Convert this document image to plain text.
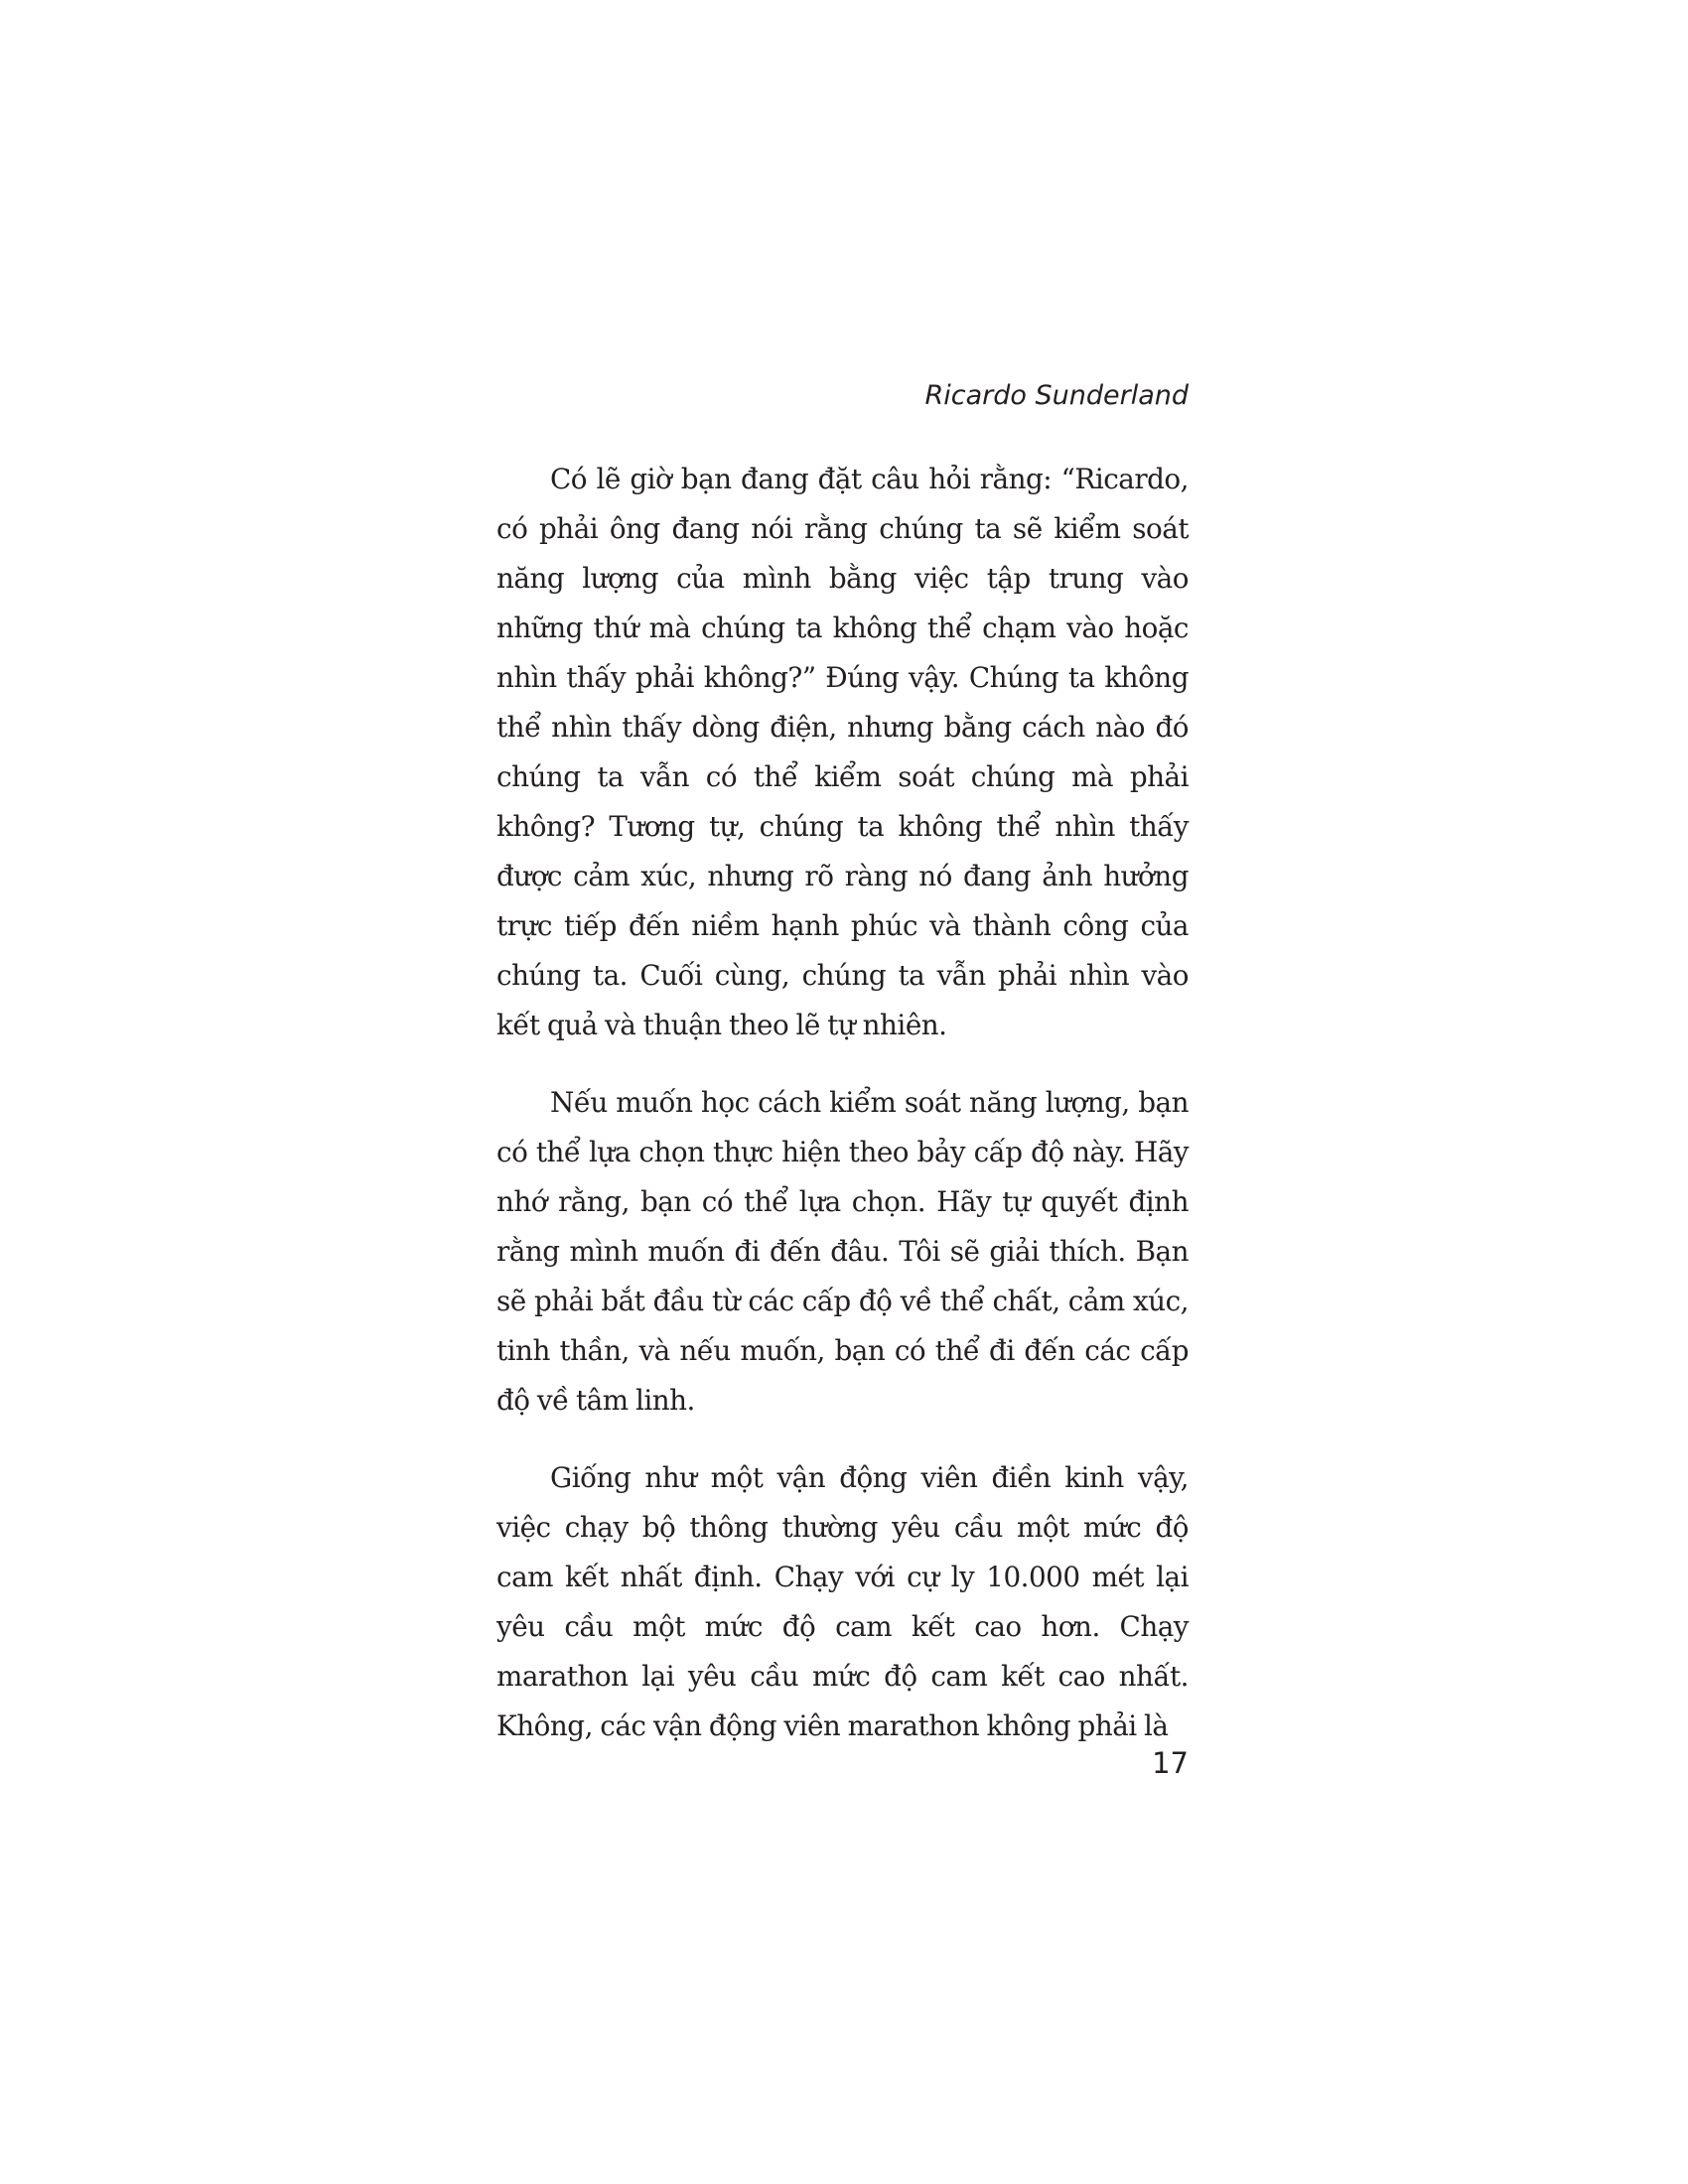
Ricardo Sunderland

Có lẽ giờ bạn đang đặt câu hỏi rằng: “Ricardo, có phải ông đang nói rằng chúng ta sẽ kiểm soát năng lượng của mình bằng việc tập trung vào những thứ mà chúng ta không thể chạm vào hoặc nhìn thấy phải không?” Đúng vậy. Chúng ta không thể nhìn thấy dòng điện, nhưng bằng cách nào đó chúng ta vẫn có thể kiểm soát chúng mà phải không? Tương tự, chúng ta không thể nhìn thấy được cảm xúc, nhưng rõ ràng nó đang ảnh hưởng trực tiếp đến niềm hạnh phúc và thành công của chúng ta. Cuối cùng, chúng ta vẫn phải nhìn vào kết quả và thuận theo lẽ tự nhiên.

Nếu muốn học cách kiểm soát năng lượng, bạn có thể lựa chọn thực hiện theo bảy cấp độ này. Hãy nhớ rằng, bạn có thể lựa chọn. Hãy tự quyết định rằng mình muốn đi đến đâu. Tôi sẽ giải thích. Bạn sẽ phải bắt đầu từ các cấp độ về thể chất, cảm xúc, tinh thần, và nếu muốn, bạn có thể đi đến các cấp độ về tâm linh.

Giống như một vận động viên điền kinh vậy, việc chạy bộ thông thường yêu cầu một mức độ cam kết nhất định. Chạy với cự ly 10.000 mét lại yêu cầu một mức độ cam kết cao hơn. Chạy marathon lại yêu cầu mức độ cam kết cao nhất. Không, các vận động viên marathon không phải là

17
